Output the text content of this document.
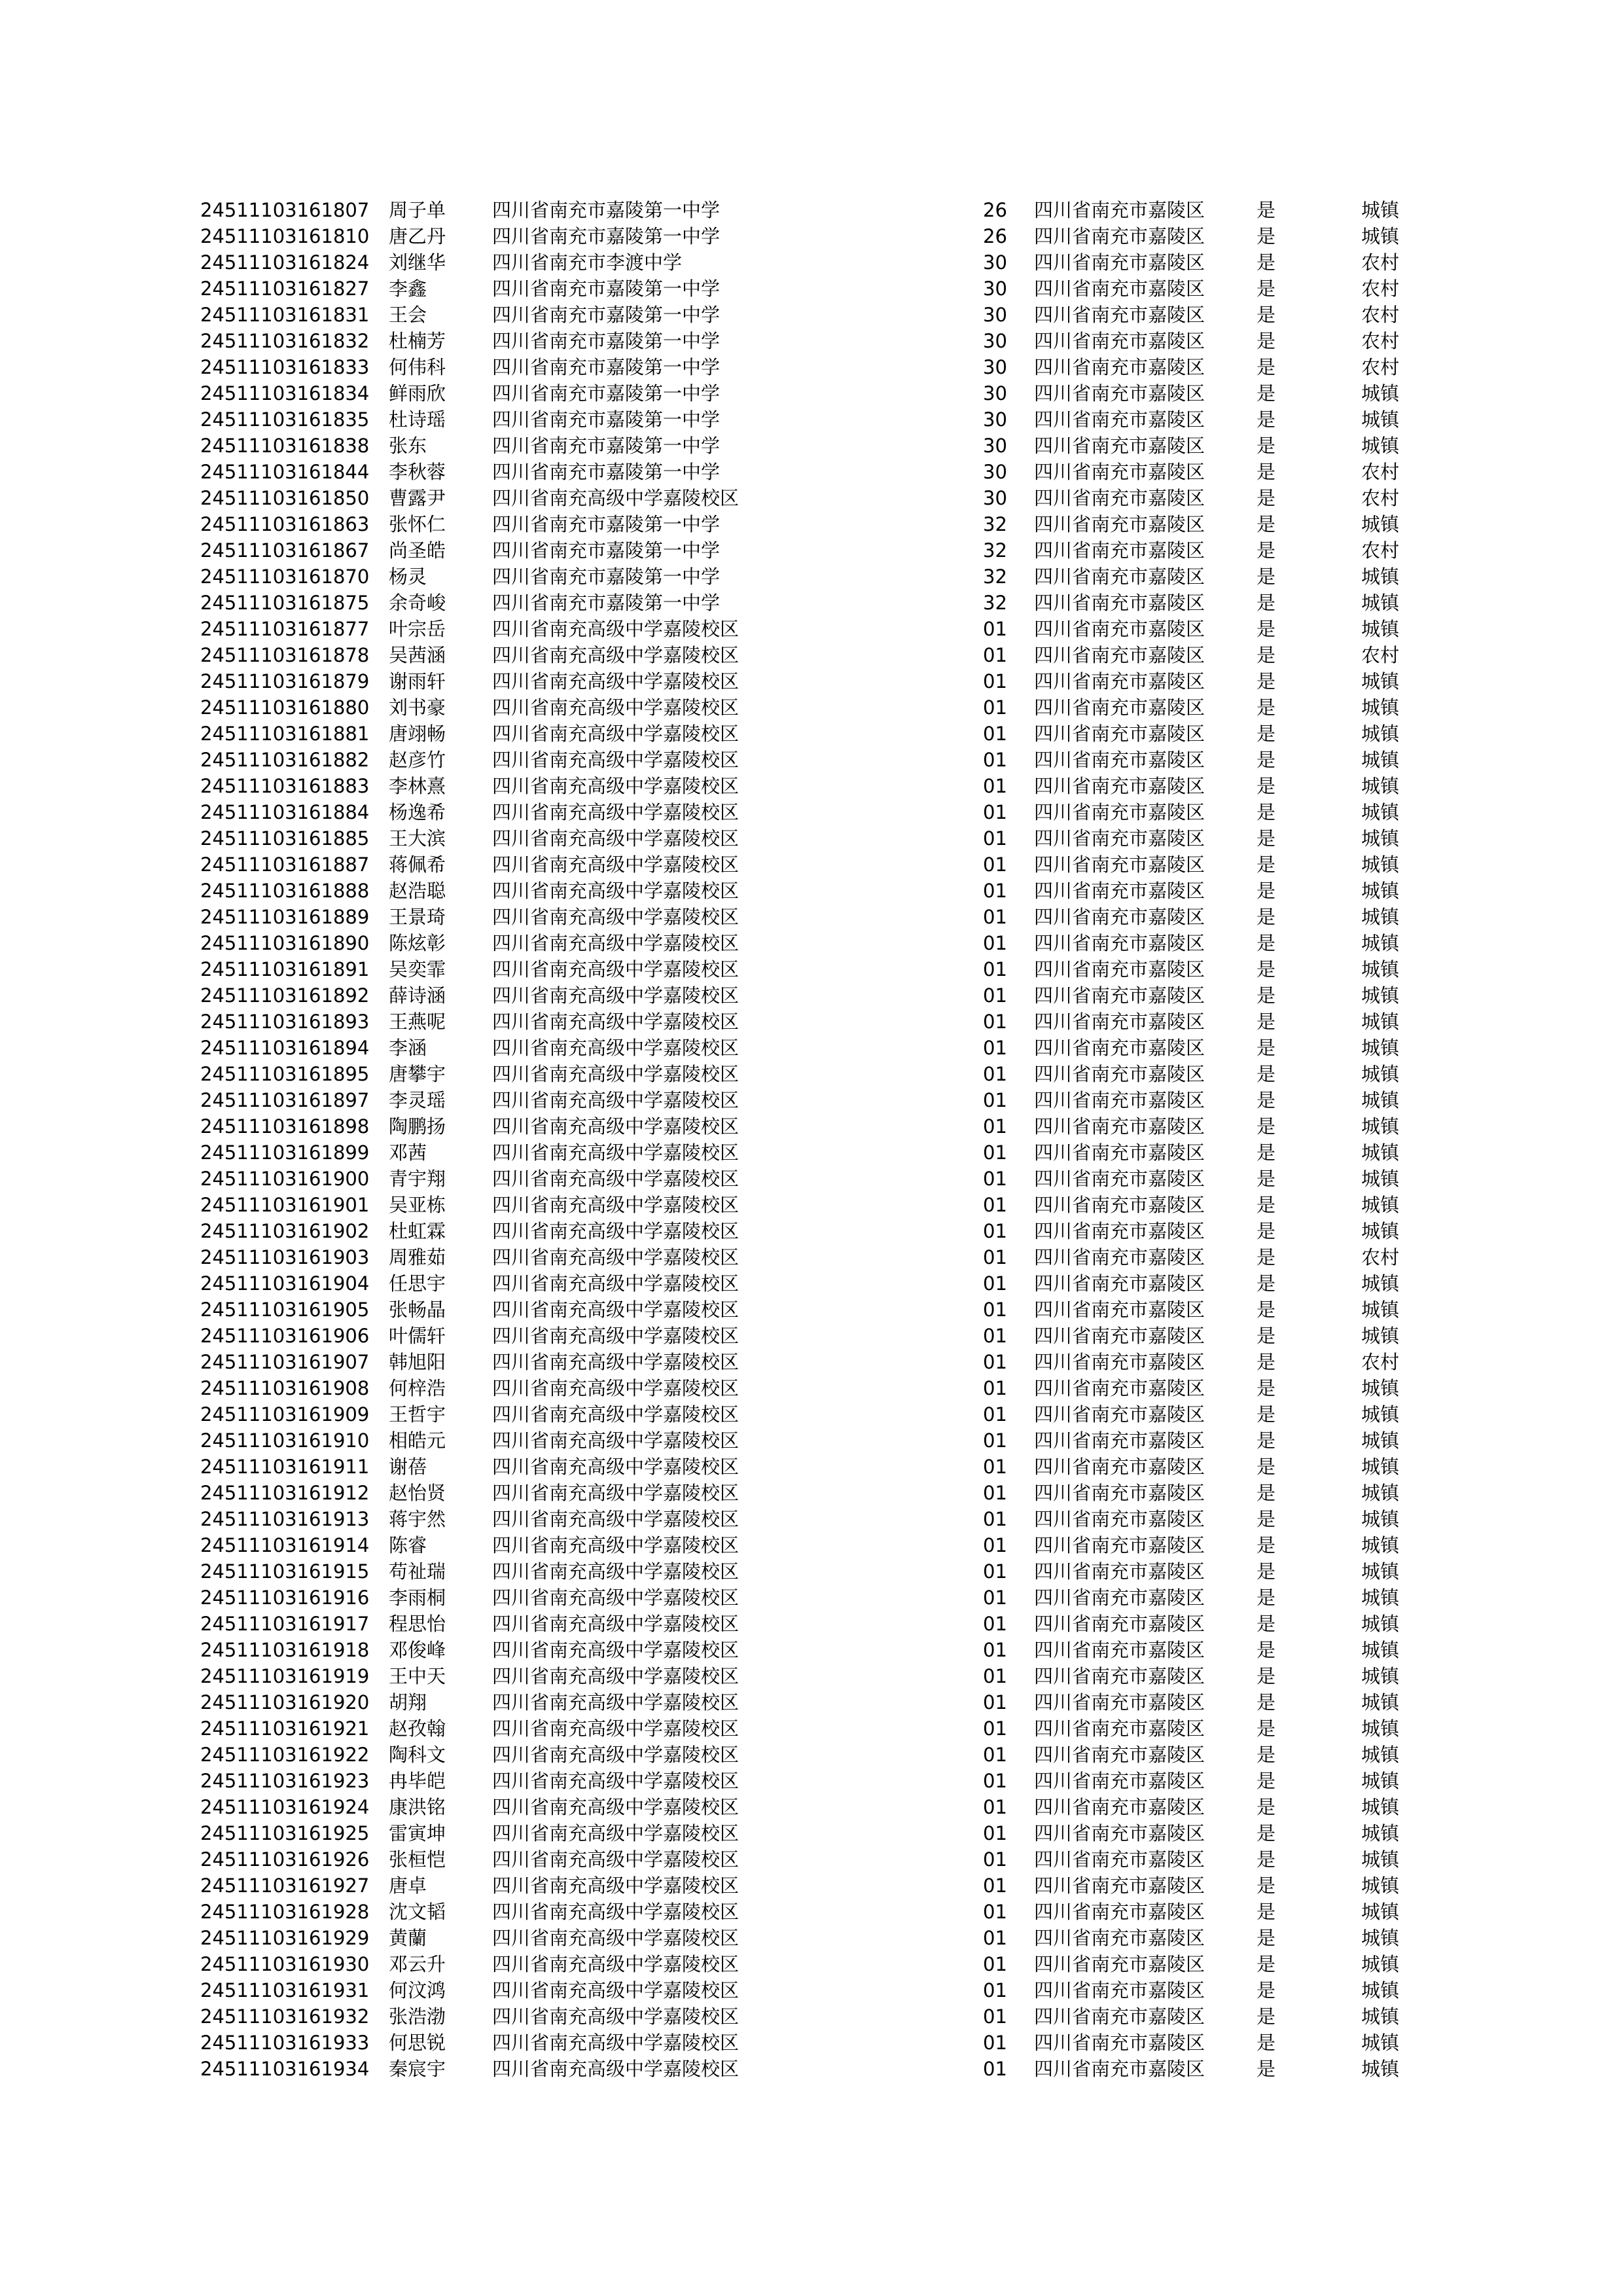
24511103161807 周子单 四川省南充市嘉陵第一中学	26 四川省南充市嘉陵区	是	城镇
24511103161810 唐乙丹 四川省南充市嘉陵第一中学	26 四川省南充市嘉陵区	是	城镇
24511103161824 刘继华 四川省南充市李渡中学	30 四川省南充市嘉陵区	是	农村
24511103161827 李鑫	四川省南充市嘉陵第一中学	30 四川省南充市嘉陵区	是	农村
24511103161831 王会	四川省南充市嘉陵第一中学	30 四川省南充市嘉陵区	是	农村
24511103161832 杜楠芳 四川省南充市嘉陵第一中学	30 四川省南充市嘉陵区	是	农村
24511103161833 何伟科 四川省南充市嘉陵第一中学	30 四川省南充市嘉陵区	是	农村
24511103161834 鲜雨欣 四川省南充市嘉陵第一中学	30 四川省南充市嘉陵区	是	城镇
24511103161835 杜诗瑶 四川省南充市嘉陵第一中学	30 四川省南充市嘉陵区	是	城镇
24511103161838 张东	四川省南充市嘉陵第一中学	30 四川省南充市嘉陵区	是	城镇
24511103161844 李秋蓉 四川省南充市嘉陵第一中学	30 四川省南充市嘉陵区	是	农村
24511103161850 曹露尹 四川省南充高级中学嘉陵校区	30 四川省南充市嘉陵区	是	农村
24511103161863 张怀仁 四川省南充市嘉陵第一中学	32 四川省南充市嘉陵区	是	城镇
24511103161867 尚圣皓 四川省南充市嘉陵第一中学	32 四川省南充市嘉陵区	是	农村
24511103161870 杨灵	四川省南充市嘉陵第一中学	32 四川省南充市嘉陵区	是	城镇
24511103161875 余奇峻 四川省南充市嘉陵第一中学	32 四川省南充市嘉陵区	是	城镇
24511103161877 叶宗岳 四川省南充高级中学嘉陵校区	01 四川省南充市嘉陵区	是	城镇
24511103161878 吴茜涵 四川省南充高级中学嘉陵校区	01 四川省南充市嘉陵区	是	农村
24511103161879 谢雨轩 四川省南充高级中学嘉陵校区	01 四川省南充市嘉陵区	是	城镇
24511103161880 刘书豪 四川省南充高级中学嘉陵校区	01 四川省南充市嘉陵区	是	城镇
24511103161881 唐翊畅 四川省南充高级中学嘉陵校区	01 四川省南充市嘉陵区	是	城镇
24511103161882 赵彦竹 四川省南充高级中学嘉陵校区	01 四川省南充市嘉陵区	是	城镇
24511103161883 李林熹 四川省南充高级中学嘉陵校区	01 四川省南充市嘉陵区	是	城镇
24511103161884 杨逸希 四川省南充高级中学嘉陵校区	01 四川省南充市嘉陵区	是	城镇
24511103161885 王大滨 四川省南充高级中学嘉陵校区	01 四川省南充市嘉陵区	是	城镇
24511103161887 蒋佩希 四川省南充高级中学嘉陵校区	01 四川省南充市嘉陵区	是	城镇
24511103161888 赵浩聪 四川省南充高级中学嘉陵校区	01 四川省南充市嘉陵区	是	城镇
24511103161889 王景琦 四川省南充高级中学嘉陵校区	01 四川省南充市嘉陵区	是	城镇
24511103161890 陈炫彰 四川省南充高级中学嘉陵校区	01 四川省南充市嘉陵区	是	城镇
24511103161891 吴奕霏 四川省南充高级中学嘉陵校区	01 四川省南充市嘉陵区	是	城镇
24511103161892 薛诗涵 四川省南充高级中学嘉陵校区	01 四川省南充市嘉陵区	是	城镇
24511103161893 王燕呢 四川省南充高级中学嘉陵校区	01 四川省南充市嘉陵区	是	城镇
24511103161894 李涵	四川省南充高级中学嘉陵校区	01 四川省南充市嘉陵区	是	城镇
24511103161895 唐攀宇 四川省南充高级中学嘉陵校区	01 四川省南充市嘉陵区	是	城镇
24511103161897 李灵瑶 四川省南充高级中学嘉陵校区	01 四川省南充市嘉陵区	是	城镇
24511103161898 陶鹏扬 四川省南充高级中学嘉陵校区	01 四川省南充市嘉陵区	是	城镇
24511103161899 邓茜	四川省南充高级中学嘉陵校区	01 四川省南充市嘉陵区	是	城镇
24511103161900 青宇翔 四川省南充高级中学嘉陵校区	01 四川省南充市嘉陵区	是	城镇
24511103161901 吴亚栋 四川省南充高级中学嘉陵校区	01 四川省南充市嘉陵区	是	城镇
24511103161902 杜虹霖 四川省南充高级中学嘉陵校区	01 四川省南充市嘉陵区	是	城镇
24511103161903 周雅茹 四川省南充高级中学嘉陵校区	01 四川省南充市嘉陵区	是	农村
24511103161904 任思宇 四川省南充高级中学嘉陵校区	01 四川省南充市嘉陵区	是	城镇
24511103161905 张畅晶 四川省南充高级中学嘉陵校区	01 四川省南充市嘉陵区	是	城镇
24511103161906 叶儒轩 四川省南充高级中学嘉陵校区	01 四川省南充市嘉陵区	是	城镇
24511103161907 韩旭阳 四川省南充高级中学嘉陵校区	01 四川省南充市嘉陵区	是	农村
24511103161908 何梓浩 四川省南充高级中学嘉陵校区	01 四川省南充市嘉陵区	是	城镇
24511103161909 王哲宇 四川省南充高级中学嘉陵校区	01 四川省南充市嘉陵区	是	城镇
24511103161910 相皓元 四川省南充高级中学嘉陵校区	01 四川省南充市嘉陵区	是	城镇
24511103161911 谢蓓	四川省南充高级中学嘉陵校区	01 四川省南充市嘉陵区	是	城镇
24511103161912 赵怡贤 四川省南充高级中学嘉陵校区	01 四川省南充市嘉陵区	是	城镇
24511103161913 蒋宇然 四川省南充高级中学嘉陵校区	01 四川省南充市嘉陵区	是	城镇
24511103161914 陈睿	四川省南充高级中学嘉陵校区	01 四川省南充市嘉陵区	是	城镇
24511103161915 苟祉瑞 四川省南充高级中学嘉陵校区	01 四川省南充市嘉陵区	是	城镇
24511103161916 李雨桐 四川省南充高级中学嘉陵校区	01 四川省南充市嘉陵区	是	城镇
24511103161917 程思怡 四川省南充高级中学嘉陵校区	01 四川省南充市嘉陵区	是	城镇
24511103161918 邓俊峰 四川省南充高级中学嘉陵校区	01 四川省南充市嘉陵区	是	城镇
24511103161919 王中天 四川省南充高级中学嘉陵校区	01 四川省南充市嘉陵区	是	城镇
24511103161920 胡翔	四川省南充高级中学嘉陵校区	01 四川省南充市嘉陵区	是	城镇
24511103161921 赵孜翰 四川省南充高级中学嘉陵校区	01 四川省南充市嘉陵区	是	城镇
24511103161922 陶科文 四川省南充高级中学嘉陵校区	01 四川省南充市嘉陵区	是	城镇
24511103161923 冉毕皑 四川省南充高级中学嘉陵校区	01 四川省南充市嘉陵区	是	城镇
24511103161924 康洪铭 四川省南充高级中学嘉陵校区	01 四川省南充市嘉陵区	是	城镇
24511103161925 雷寅坤 四川省南充高级中学嘉陵校区	01 四川省南充市嘉陵区	是	城镇
24511103161926 张桓恺 四川省南充高级中学嘉陵校区	01 四川省南充市嘉陵区	是	城镇
24511103161927 唐卓	四川省南充高级中学嘉陵校区	01 四川省南充市嘉陵区	是	城镇
24511103161928 沈文韬 四川省南充高级中学嘉陵校区	01 四川省南充市嘉陵区	是	城镇
24511103161929 黄蘭	四川省南充高级中学嘉陵校区	01 四川省南充市嘉陵区	是	城镇
24511103161930 邓云升 四川省南充高级中学嘉陵校区	01 四川省南充市嘉陵区	是	城镇
24511103161931 何汶鸿 四川省南充高级中学嘉陵校区	01 四川省南充市嘉陵区	是	城镇
24511103161932 张浩渤 四川省南充高级中学嘉陵校区	01 四川省南充市嘉陵区	是	城镇
24511103161933 何思锐 四川省南充高级中学嘉陵校区	01 四川省南充市嘉陵区	是	城镇
24511103161934 秦宸宇 四川省南充高级中学嘉陵校区	01 四川省南充市嘉陵区	是	城镇
